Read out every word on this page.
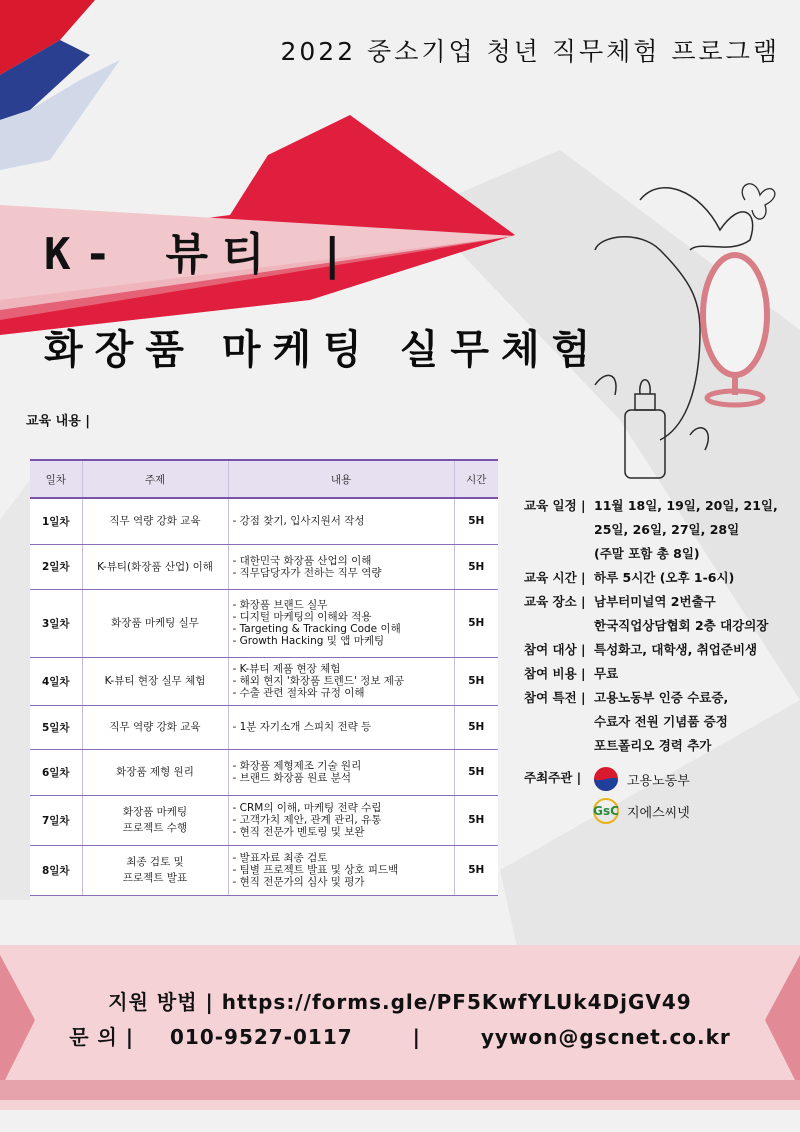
2022 중소기업 청년 직무체험 프로그램
K- 뷰티 |
화장품 마케팅 실무체험
교육 내용 |
일차	주제	내용	시간
1일차	직무 역량 강화 교육	- 강점 찾기, 입사지원서 작성	5H
2일차	K-뷰티(화장품 산업) 이해	- 대한민국 화장품 산업의 이해
- 직무담당자가 전하는 직무 역량	5H
3일차	화장품 마케팅 실무	- 화장품 브랜드 실무
- 디지털 마케팅의 이해와 적용
- Targeting & Tracking Code 이해
- Growth Hacking 및 앱 마케팅	5H
4일차	K-뷰티 현장 실무 체험	- K-뷰티 제품 현장 체험
- 해외 현지 '화장품 트렌드' 정보 제공
- 수출 관련 절차와 규정 이해	5H
5일차	직무 역량 강화 교육	- 1분 자기소개 스피치 전략 등	5H
6일차	화장품 제형 원리	- 화장품 제형제조 기술 원리
- 브랜드 화장품 원료 분석	5H
7일차	화장품 마케팅
프로젝트 수행	- CRM의 이해, 마케팅 전략 수립
- 고객가치 제안, 관계 관리, 유통
- 현직 전문가 멘토링 및 보완	5H
8일차	최종 검토 및
프로젝트 발표	- 발표자료 최종 검토
- 팀별 프로젝트 발표 및 상호 피드백
- 현직 전문가의 심사 및 평가	5H
교육 일정 | 11월 18일, 19일, 20일, 21일,
25일, 26일, 27일, 28일
(주말 포함 총 8일)
교육 시간 | 하루 5시간 (오후 1-6시)
교육 장소 | 남부터미널역 2번출구
한국직업상담협회 2층 대강의장
참여 대상 | 특성화고, 대학생, 취업준비생
참여 비용 | 무료
참여 특전 | 고용노동부 인증 수료증,
수료자 전원 기념품 증정
포트폴리오 경력 추가
주최주관 |	고용노동부
GsC 지에스씨넷
지원 방법 | https://forms.gle/PF5KwfYLUk4DjGV49
문 의 | 010-9527-0117	|	yywon@gscnet.co.kr
